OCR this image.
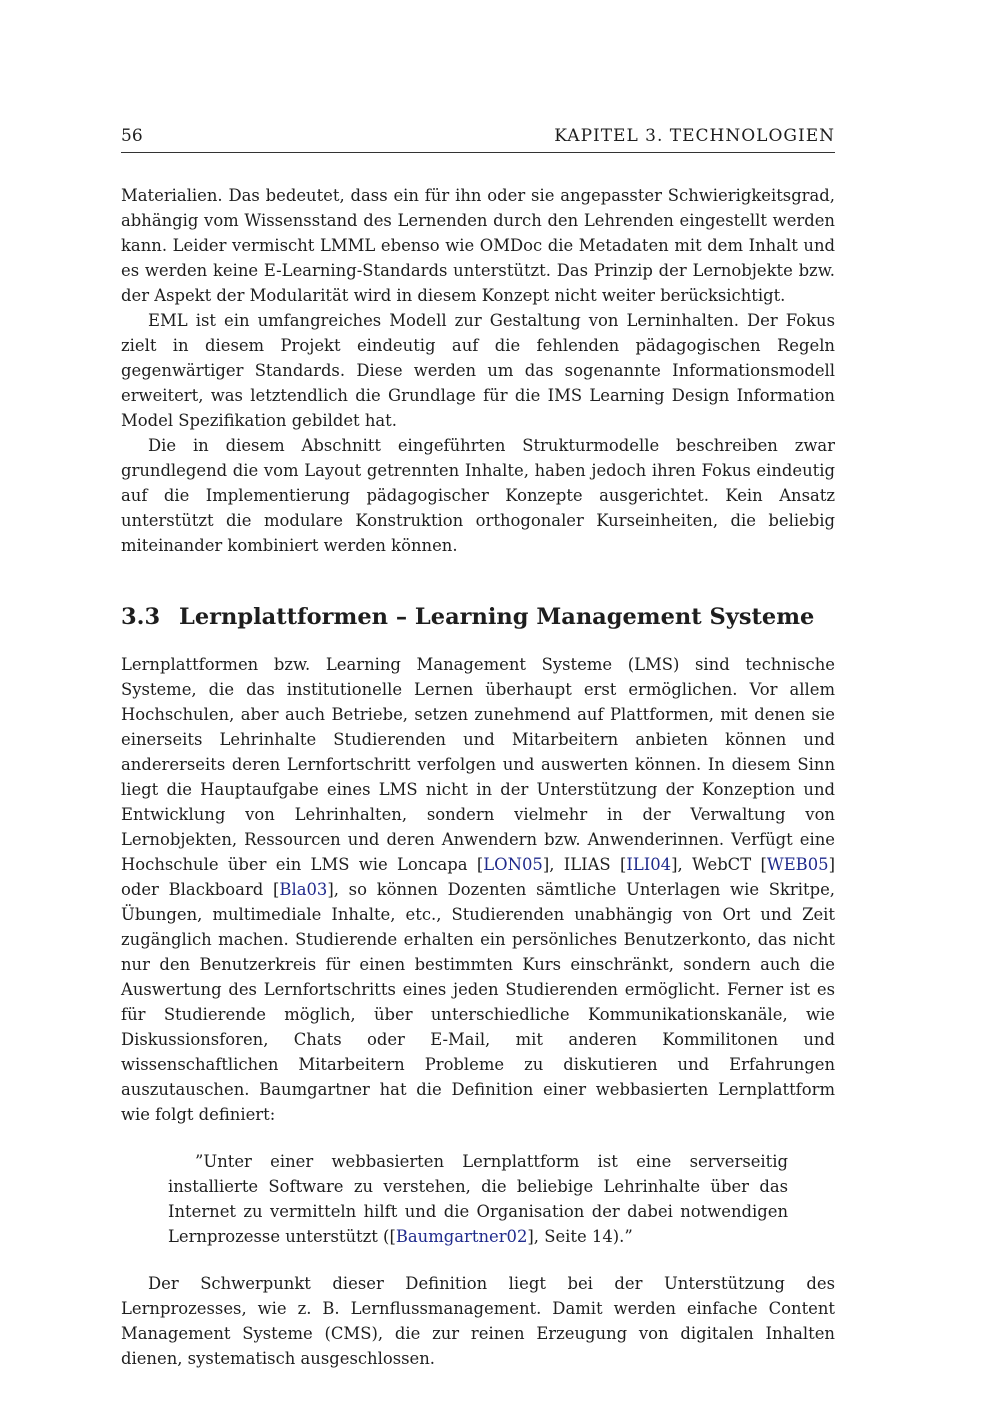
56	KAPITEL 3. TECHNOLOGIEN

Materialien. Das bedeutet, dass ein für ihn oder sie angepasster Schwierigkeitsgrad, abhängig vom Wissensstand des Lernenden durch den Lehrenden eingestellt werden kann. Leider vermischt LMML ebenso wie OMDoc die Metadaten mit dem Inhalt und es werden keine E-Learning-Standards unterstützt. Das Prinzip der Lernobjekte bzw. der Aspekt der Modularität wird in diesem Konzept nicht weiter berücksichtigt.

EML ist ein umfangreiches Modell zur Gestaltung von Lerninhalten. Der Fokus zielt in diesem Projekt eindeutig auf die fehlenden pädagogischen Regeln gegenwärtiger Standards. Diese werden um das sogenannte Informationsmodell erweitert, was letztendlich die Grundlage für die IMS Learning Design Information Model Spezifikation gebildet hat.

Die in diesem Abschnitt eingeführten Strukturmodelle beschreiben zwar grundlegend die vom Layout getrennten Inhalte, haben jedoch ihren Fokus eindeutig auf die Implementierung pädagogischer Konzepte ausgerichtet. Kein Ansatz unterstützt die modulare Konstruktion orthogonaler Kurseinheiten, die beliebig miteinander kombiniert werden können.

3.3 Lernplattformen – Learning Management Systeme

Lernplattformen bzw. Learning Management Systeme (LMS) sind technische Systeme, die das institutionelle Lernen überhaupt erst ermöglichen. Vor allem Hochschulen, aber auch Betriebe, setzen zunehmend auf Plattformen, mit denen sie einerseits Lehrinhalte Studierenden und Mitarbeitern anbieten können und andererseits deren Lernfortschritt verfolgen und auswerten können. In diesem Sinn liegt die Hauptaufgabe eines LMS nicht in der Unterstützung der Konzeption und Entwicklung von Lehrinhalten, sondern vielmehr in der Verwaltung von Lernobjekten, Ressourcen und deren Anwendern bzw. Anwenderinnen. Verfügt eine Hochschule über ein LMS wie Loncapa [LON05], ILIAS [ILI04], WebCT [WEB05] oder Blackboard [Bla03], so können Dozenten sämtliche Unterlagen wie Skritpe, Übungen, multimediale Inhalte, etc., Studierenden unabhängig von Ort und Zeit zugänglich machen. Studierende erhalten ein persönliches Benutzerkonto, das nicht nur den Benutzerkreis für einen bestimmten Kurs einschränkt, sondern auch die Auswertung des Lernfortschritts eines jeden Studierenden ermöglicht. Ferner ist es für Studierende möglich, über unterschiedliche Kommunikationskanäle, wie Diskussionsforen, Chats oder E-Mail, mit anderen Kommilitonen und wissenschaftlichen Mitarbeitern Probleme zu diskutieren und Erfahrungen auszutauschen. Baumgartner hat die Definition einer webbasierten Lernplattform wie folgt definiert:

”Unter einer webbasierten Lernplattform ist eine serverseitig installierte Software zu verstehen, die beliebige Lehrinhalte über das Internet zu vermitteln hilft und die Organisation der dabei notwendigen Lernprozesse unterstützt ([Baumgartner02], Seite 14).”

Der Schwerpunkt dieser Definition liegt bei der Unterstützung des Lernprozesses, wie z. B. Lernflussmanagement. Damit werden einfache Content Management Systeme (CMS), die zur reinen Erzeugung von digitalen Inhalten dienen, systematisch ausgeschlossen.
